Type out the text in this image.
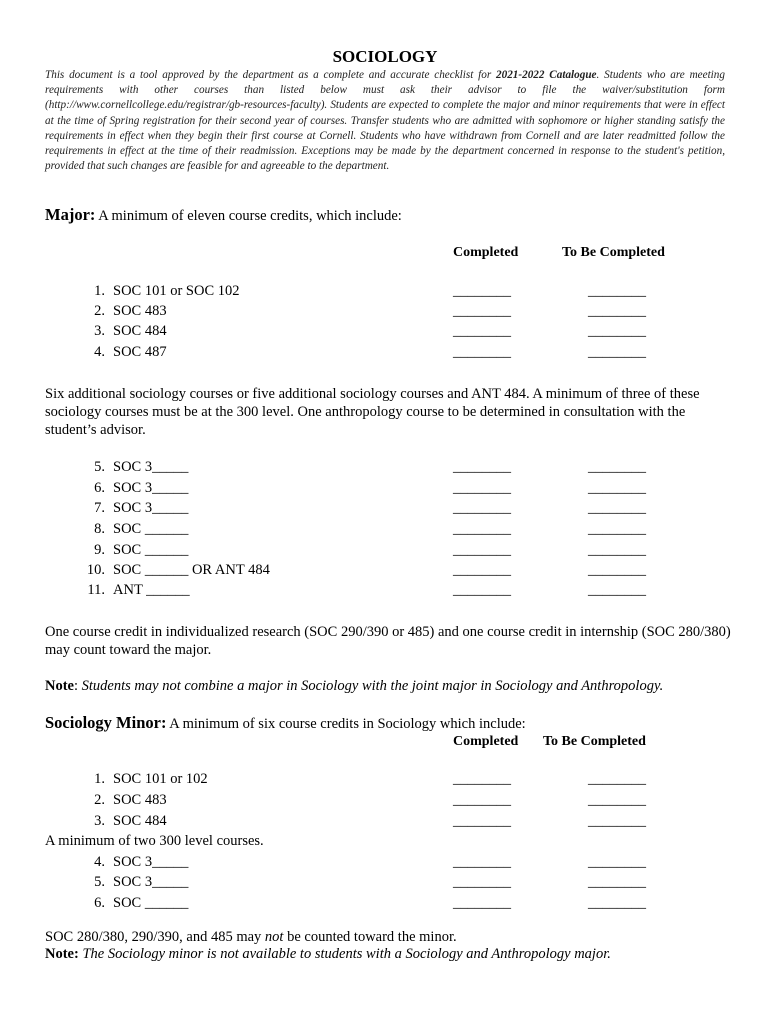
SOCIOLOGY
This document is a tool approved by the department as a complete and accurate checklist for 2021-2022 Catalogue. Students who are meeting requirements with other courses than listed below must ask their advisor to file the waiver/substitution form (http://www.cornellcollege.edu/registrar/gb-resources-faculty). Students are expected to complete the major and minor requirements that were in effect at the time of Spring registration for their second year of courses. Transfer students who are admitted with sophomore or higher standing satisfy the requirements in effect when they begin their first course at Cornell. Students who have withdrawn from Cornell and are later readmitted follow the requirements in effect at the time of their readmission. Exceptions may be made by the department concerned in response to the student's petition, provided that such changes are feasible for and agreeable to the department.
Major: A minimum of eleven course credits, which include:
Completed	To Be Completed
1. SOC 101 or SOC 102	________	________
2. SOC 483	________	________
3. SOC 484	________	________
4. SOC 487	________	________
Six additional sociology courses or five additional sociology courses and ANT 484. A minimum of three of these sociology courses must be at the 300 level. One anthropology course to be determined in consultation with the student’s advisor.
5. SOC 3_____	________	________
6. SOC 3_____	________	________
7. SOC 3_____	________	________
8. SOC ______	________	________
9. SOC ______	________	________
10. SOC ______ OR ANT 484	________	________
11. ANT ______	________	________
One course credit in individualized research (SOC 290/390 or 485) and one course credit in internship (SOC 280/380) may count toward the major.
Note: Students may not combine a major in Sociology with the joint major in Sociology and Anthropology.
Sociology Minor: A minimum of six course credits in Sociology which include:
Completed To Be Completed
1. SOC 101 or 102	________	________
2. SOC 483	________	________
3. SOC 484	________	________
A minimum of two 300 level courses.
4. SOC 3_____	________	________
5. SOC 3_____	________	________
6. SOC ______	________	________
SOC 280/380, 290/390, and 485 may not be counted toward the minor.
Note: The Sociology minor is not available to students with a Sociology and Anthropology major.
